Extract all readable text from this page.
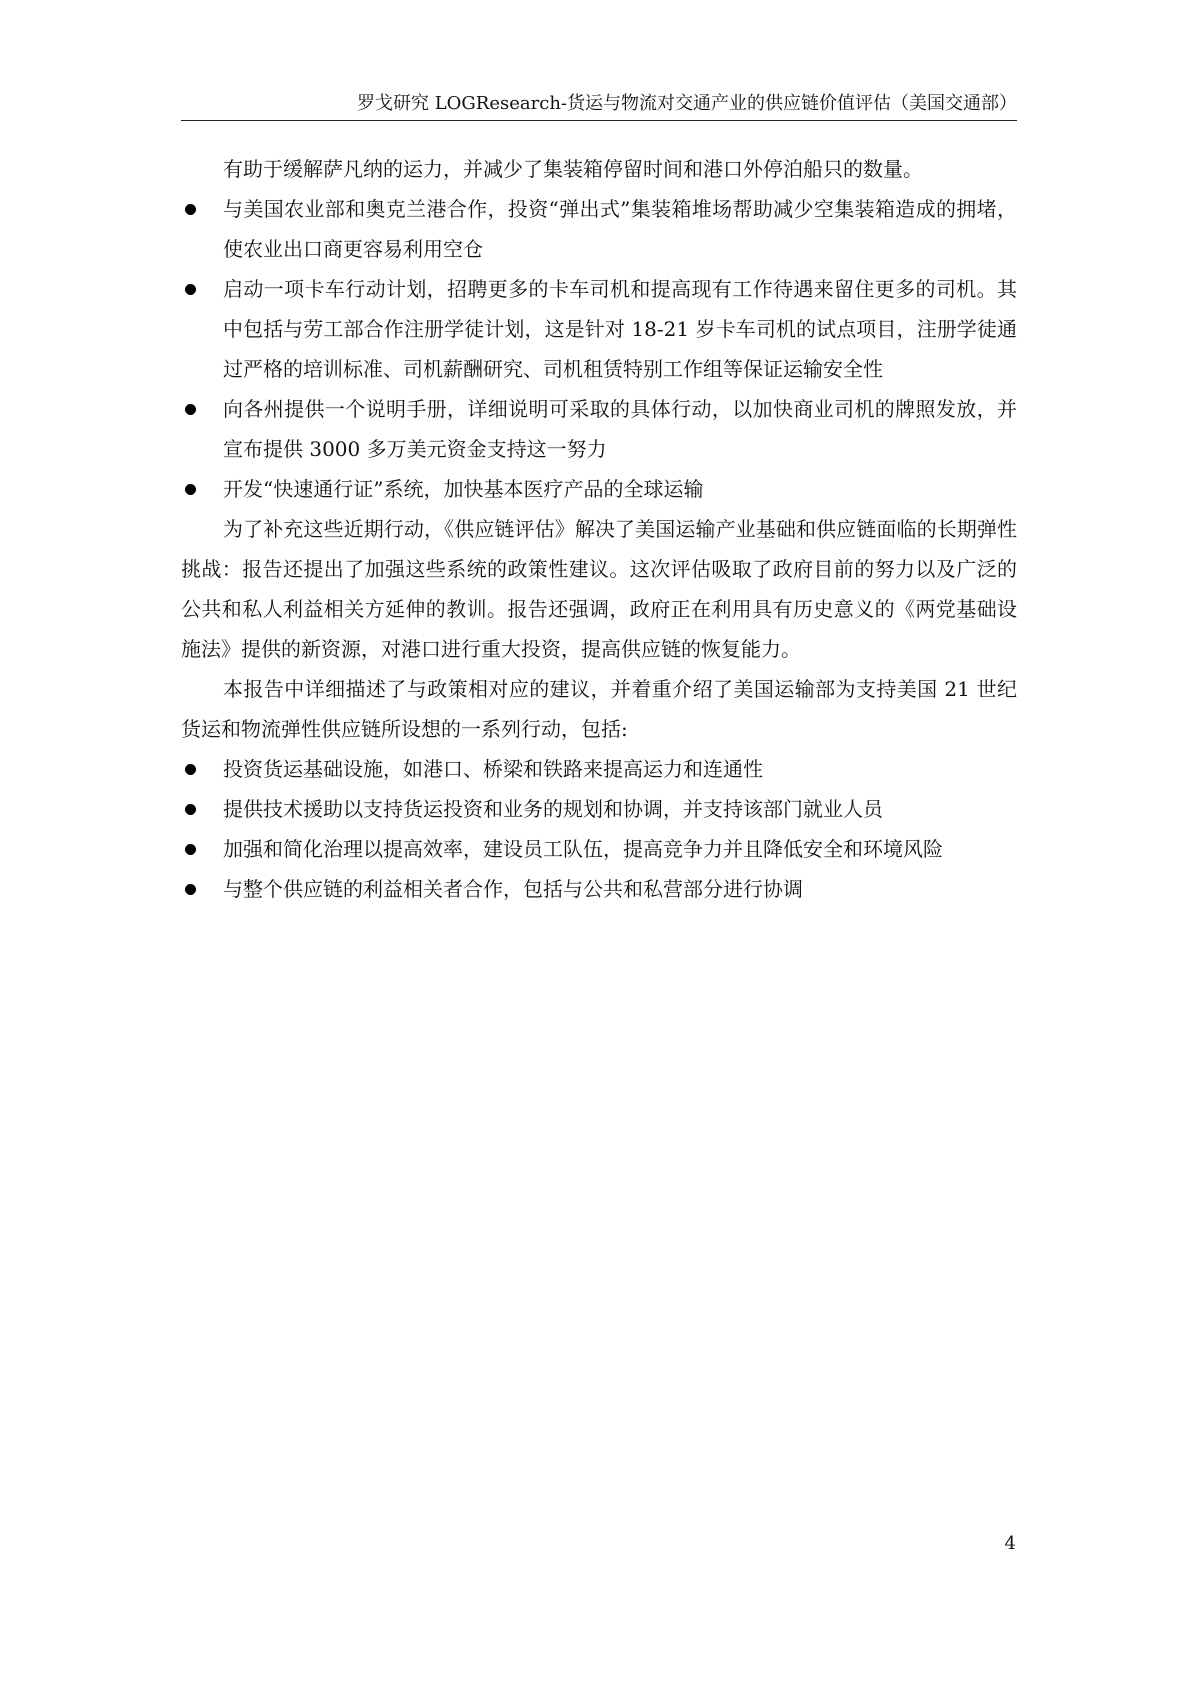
罗戈研究 LOGResearch-货运与物流对交通产业的供应链价值评估（美国交通部）

有助于缓解萨凡纳的运力，并减少了集装箱停留时间和港口外停泊船只的数量。

与美国农业部和奥克兰港合作，投资“弹出式”集装箱堆场帮助减少空集装箱造成的拥堵，使农业出口商更容易利用空仓

启动一项卡车行动计划，招聘更多的卡车司机和提高现有工作待遇来留住更多的司机。其中包括与劳工部合作注册学徒计划，这是针对 18-21 岁卡车司机的试点项目，注册学徒通过严格的培训标准、司机薪酬研究、司机租赁特别工作组等保证运输安全性

向各州提供一个说明手册，详细说明可采取的具体行动，以加快商业司机的牌照发放，并宣布提供 3000 多万美元资金支持这一努力

开发“快速通行证”系统，加快基本医疗产品的全球运输

为了补充这些近期行动，《供应链评估》解决了美国运输产业基础和供应链面临的长期弹性挑战：报告还提出了加强这些系统的政策性建议。这次评估吸取了政府目前的努力以及广泛的公共和私人利益相关方延伸的教训。报告还强调，政府正在利用具有历史意义的《两党基础设施法》提供的新资源，对港口进行重大投资，提高供应链的恢复能力。

本报告中详细描述了与政策相对应的建议，并着重介绍了美国运输部为支持美国 21 世纪货运和物流弹性供应链所设想的一系列行动，包括:

投资货运基础设施，如港口、桥梁和铁路来提高运力和连通性

提供技术援助以支持货运投资和业务的规划和协调，并支持该部门就业人员

加强和简化治理以提高效率，建设员工队伍，提高竞争力并且降低安全和环境风险

与整个供应链的利益相关者合作，包括与公共和私营部分进行协调

4
